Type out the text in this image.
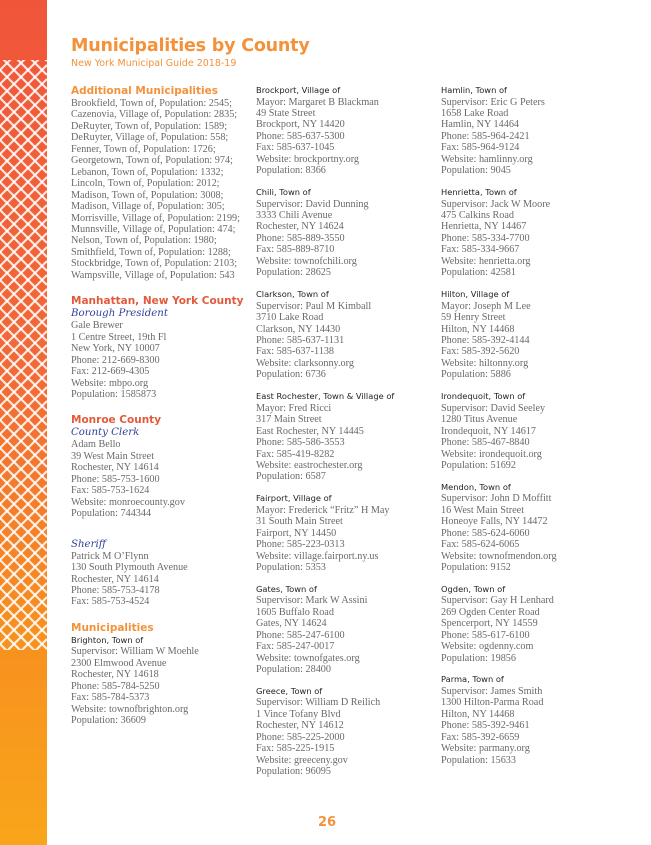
Municipalities by County
New York Municipal Guide 2018-19
Additional Municipalities
Brookfield, Town of, Population: 2545;
Cazenovia, Village of, Population: 2835;
DeRuyter, Town of, Population: 1589;
DeRuyter, Village of, Population: 558;
Fenner, Town of, Population: 1726;
Georgetown, Town of, Population: 974;
Lebanon, Town of, Population: 1332;
Lincoln, Town of, Population: 2012;
Madison, Town of, Population: 3008;
Madison, Village of, Population: 305;
Morrisville, Village of, Population: 2199;
Munnsville, Village of, Population: 474;
Nelson, Town of, Population: 1980;
Smithfield, Town of, Population: 1288;
Stockbridge, Town of, Population: 2103;
Wampsville, Village of, Population: 543
Manhattan, New York County
Borough President
Gale Brewer
1 Centre Street, 19th Fl
New York, NY 10007
Phone: 212-669-8300
Fax: 212-669-4305
Website: mbpo.org
Population: 1585873
Monroe County
County Clerk
Adam Bello
39 West Main Street
Rochester, NY 14614
Phone: 585-753-1600
Fax: 585-753-1624
Website: monroecounty.gov
Population: 744344
Sheriff
Patrick M O’Flynn
130 South Plymouth Avenue
Rochester, NY 14614
Phone: 585-753-4178
Fax: 585-753-4524
Municipalities
Brighton, Town of
Supervisor: William W Moehle
2300 Elmwood Avenue
Rochester, NY 14618
Phone: 585-784-5250
Fax: 585-784-5373
Website: townofbrighton.org
Population: 36609
Brockport, Village of
Mayor: Margaret B Blackman
49 State Street
Brockport, NY 14420
Phone: 585-637-5300
Fax: 585-637-1045
Website: brockportny.org
Population: 8366
Chili, Town of
Supervisor: David Dunning
3333 Chili Avenue
Rochester, NY 14624
Phone: 585-889-3550
Fax: 585-889-8710
Website: townofchili.org
Population: 28625
Clarkson, Town of
Supervisor: Paul M Kimball
3710 Lake Road
Clarkson, NY 14430
Phone: 585-637-1131
Fax: 585-637-1138
Website: clarksonny.org
Population: 6736
East Rochester, Town & Village of
Mayor: Fred Ricci
317 Main Street
East Rochester, NY 14445
Phone: 585-586-3553
Fax: 585-419-8282
Website: eastrochester.org
Population: 6587
Fairport, Village of
Mayor: Frederick “Fritz” H May
31 South Main Street
Fairport, NY 14450
Phone: 585-223-0313
Website: village.fairport.ny.us
Population: 5353
Gates, Town of
Supervisor: Mark W Assini
1605 Buffalo Road
Gates, NY 14624
Phone: 585-247-6100
Fax: 585-247-0017
Website: townofgates.org
Population: 28400
Greece, Town of
Supervisor: William D Reilich
1 Vince Tofany Blvd
Rochester, NY 14612
Phone: 585-225-2000
Fax: 585-225-1915
Website: greeceny.gov
Population: 96095
Hamlin, Town of
Supervisor: Eric G Peters
1658 Lake Road
Hamlin, NY 14464
Phone: 585-964-2421
Fax: 585-964-9124
Website: hamlinny.org
Population: 9045
Henrietta, Town of
Supervisor: Jack W Moore
475 Calkins Road
Henrietta, NY 14467
Phone: 585-334-7700
Fax: 585-334-9667
Website: henrietta.org
Population: 42581
Hilton, Village of
Mayor: Joseph M Lee
59 Henry Street
Hilton, NY 14468
Phone: 585-392-4144
Fax: 585-392-5620
Website: hiltonny.org
Population: 5886
Irondequoit, Town of
Supervisor: David Seeley
1280 Titus Avenue
Irondequoit, NY 14617
Phone: 585-467-8840
Website: irondequoit.org
Population: 51692
Mendon, Town of
Supervisor: John D Moffitt
16 West Main Street
Honeoye Falls, NY 14472
Phone: 585-624-6060
Fax: 585-624-6065
Website: townofmendon.org
Population: 9152
Ogden, Town of
Supervisor: Gay H Lenhard
269 Ogden Center Road
Spencerport, NY 14559
Phone: 585-617-6100
Website: ogdenny.com
Population: 19856
Parma, Town of
Supervisor: James Smith
1300 Hilton-Parma Road
Hilton, NY 14468
Phone: 585-392-9461
Fax: 585-392-6659
Website: parmany.org
Population: 15633
26
